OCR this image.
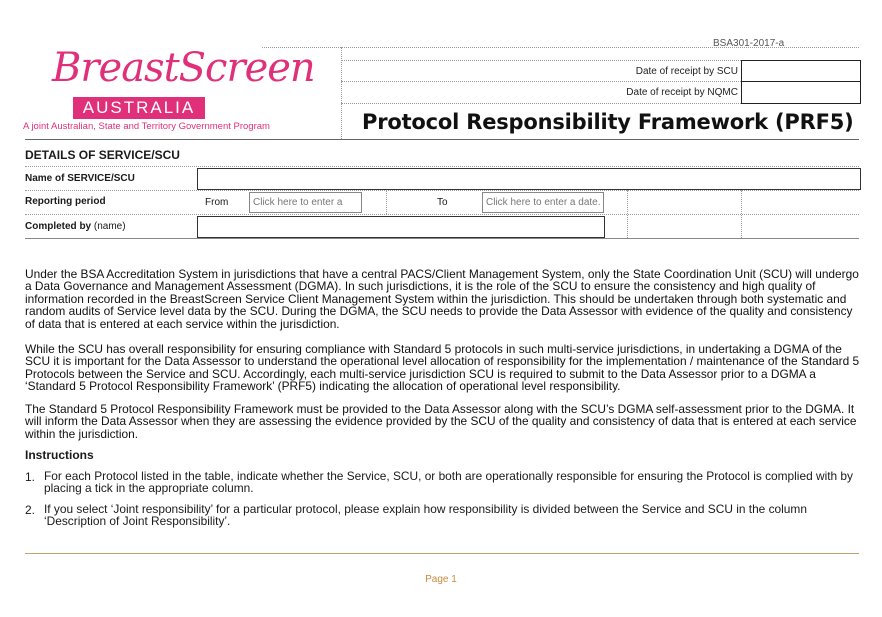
BSA301-2017-a
BreastScreen
AUSTRALIA
A joint Australian, State and Territory Government Program
Date of receipt by SCU
Date of receipt by NQMC
Protocol Responsibility Framework (PRF5)
DETAILS OF SERVICE/SCU
Name of SERVICE/SCU
Reporting period	From	Click here to enter a	To	Click here to enter a date.
Completed by (name)

Under the BSA Accreditation System in jurisdictions that have a central PACS/Client Management System, only the State Coordination Unit (SCU) will undergo a Data Governance and Management Assessment (DGMA). In such jurisdictions, it is the role of the SCU to ensure the consistency and high quality of information recorded in the BreastScreen Service Client Management System within the jurisdiction. This should be undertaken through both systematic and random audits of Service level data by the SCU. During the DGMA, the SCU needs to provide the Data Assessor with evidence of the quality and consistency of data that is entered at each service within the jurisdiction.

While the SCU has overall responsibility for ensuring compliance with Standard 5 protocols in such multi-service jurisdictions, in undertaking a DGMA of the SCU it is important for the Data Assessor to understand the operational level allocation of responsibility for the implementation / maintenance of the Standard 5 Protocols between the Service and SCU. Accordingly, each multi-service jurisdiction SCU is required to submit to the Data Assessor prior to a DGMA a ‘Standard 5 Protocol Responsibility Framework’ (PRF5) indicating the allocation of operational level responsibility.

The Standard 5 Protocol Responsibility Framework must be provided to the Data Assessor along with the SCU’s DGMA self-assessment prior to the DGMA. It will inform the Data Assessor when they are assessing the evidence provided by the SCU of the quality and consistency of data that is entered at each service within the jurisdiction.

Instructions
1. For each Protocol listed in the table, indicate whether the Service, SCU, or both are operationally responsible for ensuring the Protocol is complied with by placing a tick in the appropriate column.
2. If you select ‘Joint responsibility’ for a particular protocol, please explain how responsibility is divided between the Service and SCU in the column ‘Description of Joint Responsibility’.
Page 1
